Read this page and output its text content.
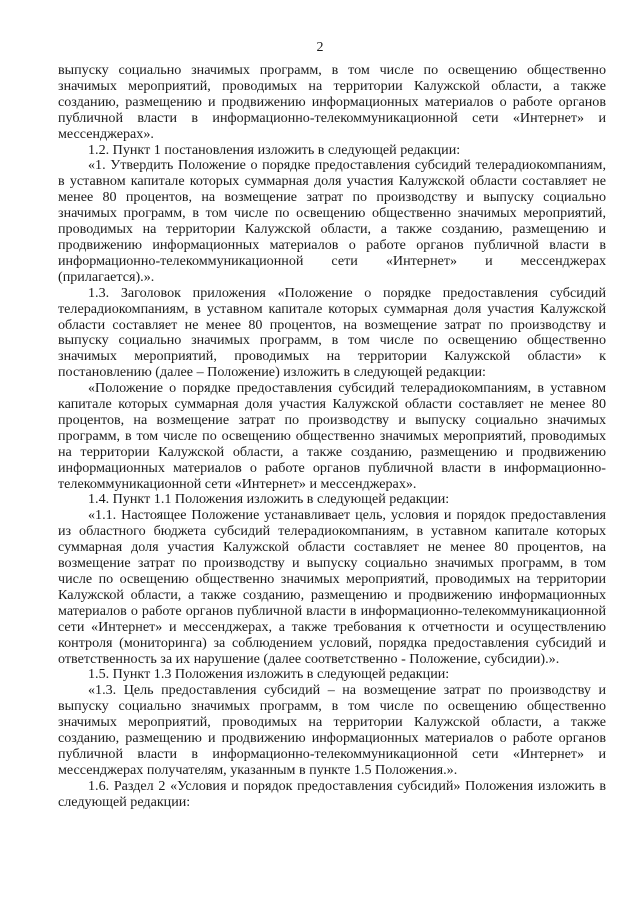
2

выпуску социально значимых программ, в том числе по освещению общественно значимых мероприятий, проводимых на территории Калужской области, а также созданию, размещению и продвижению информационных материалов о работе органов публичной власти в информационно-телекоммуникационной сети «Интернет» и мессенджерах».

1.2. Пункт 1 постановления изложить в следующей редакции:

«1. Утвердить Положение о порядке предоставления субсидий телерадиокомпаниям, в уставном капитале которых суммарная доля участия Калужской области составляет не менее 80 процентов, на возмещение затрат по производству и выпуску социально значимых программ, в том числе по освещению общественно значимых мероприятий, проводимых на территории Калужской области, а также созданию, размещению и продвижению информационных материалов о работе органов публичной власти в информационно-телекоммуникационной сети «Интернет» и мессенджерах (прилагается).».

1.3. Заголовок приложения «Положение о порядке предоставления субсидий телерадиокомпаниям, в уставном капитале которых суммарная доля участия Калужской области составляет не менее 80 процентов, на возмещение затрат по производству и выпуску социально значимых программ, в том числе по освещению общественно значимых мероприятий, проводимых на территории Калужской области» к постановлению (далее – Положение) изложить в следующей редакции:

«Положение о порядке предоставления субсидий телерадиокомпаниям, в уставном капитале которых суммарная доля участия Калужской области составляет не менее 80 процентов, на возмещение затрат по производству и выпуску социально значимых программ, в том числе по освещению общественно значимых мероприятий, проводимых на территории Калужской области, а также созданию, размещению и продвижению информационных материалов о работе органов публичной власти в информационно-телекоммуникационной сети «Интернет» и мессенджерах».

1.4. Пункт 1.1 Положения изложить в следующей редакции:

«1.1. Настоящее Положение устанавливает цель, условия и порядок предоставления из областного бюджета субсидий телерадиокомпаниям, в уставном капитале которых суммарная доля участия Калужской области составляет не менее 80 процентов, на возмещение затрат по производству и выпуску социально значимых программ, в том числе по освещению общественно значимых мероприятий, проводимых на территории Калужской области, а также созданию, размещению и продвижению информационных материалов о работе органов публичной власти в информационно-телекоммуникационной сети «Интернет» и мессенджерах, а также требования к отчетности и осуществлению контроля (мониторинга) за соблюдением условий, порядка предоставления субсидий и ответственность за их нарушение (далее соответственно - Положение, субсидии).».

1.5. Пункт 1.3 Положения изложить в следующей редакции:

«1.3. Цель предоставления субсидий – на возмещение затрат по производству и выпуску социально значимых программ, в том числе по освещению общественно значимых мероприятий, проводимых на территории Калужской области, а также созданию, размещению и продвижению информационных материалов о работе органов публичной власти в информационно-телекоммуникационной сети «Интернет» и мессенджерах получателям, указанным в пункте 1.5 Положения.».

1.6. Раздел 2 «Условия и порядок предоставления субсидий» Положения изложить в следующей редакции:
